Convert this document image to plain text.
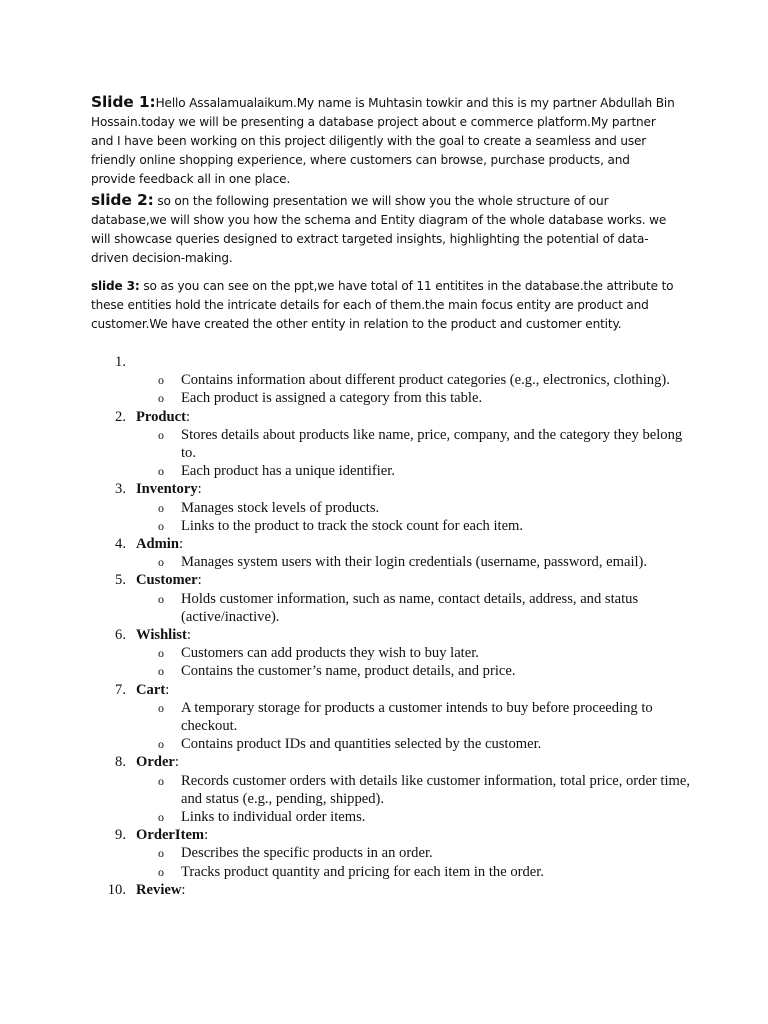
Slide 1:Hello Assalamualaikum.My name is Muhtasin towkir and this is my partner Abdullah Bin Hossain.today we will be presenting a database project about e commerce platform.My partner and I have been working on this project diligently with the goal to create a seamless and user friendly online shopping experience, where customers can browse, purchase products, and provide feedback all in one place.

slide 2: so on the following presentation we will show you the whole structure of our database,we will show you how the schema and Entity diagram of the whole database works. we will showcase queries designed to extract targeted insights, highlighting the potential of data-driven decision-making.

slide 3: so as you can see on the ppt,we have total of 11 entitites in the database.the attribute to these entities hold the intricate details for each of them.the main focus entity are product and customer.We have created the other entity in relation to the product and customer entity.

1.
o Contains information about different product categories (e.g., electronics, clothing).
o Each product is assigned a category from this table.
2. Product:
o Stores details about products like name, price, company, and the category they belong to.
o Each product has a unique identifier.
3. Inventory:
o Manages stock levels of products.
o Links to the product to track the stock count for each item.
4. Admin:
o Manages system users with their login credentials (username, password, email).
5. Customer:
o Holds customer information, such as name, contact details, address, and status (active/inactive).
6. Wishlist:
o Customers can add products they wish to buy later.
o Contains the customer’s name, product details, and price.
7. Cart:
o A temporary storage for products a customer intends to buy before proceeding to checkout.
o Contains product IDs and quantities selected by the customer.
8. Order:
o Records customer orders with details like customer information, total price, order time, and status (e.g., pending, shipped).
o Links to individual order items.
9. OrderItem:
o Describes the specific products in an order.
o Tracks product quantity and pricing for each item in the order.
10. Review:
